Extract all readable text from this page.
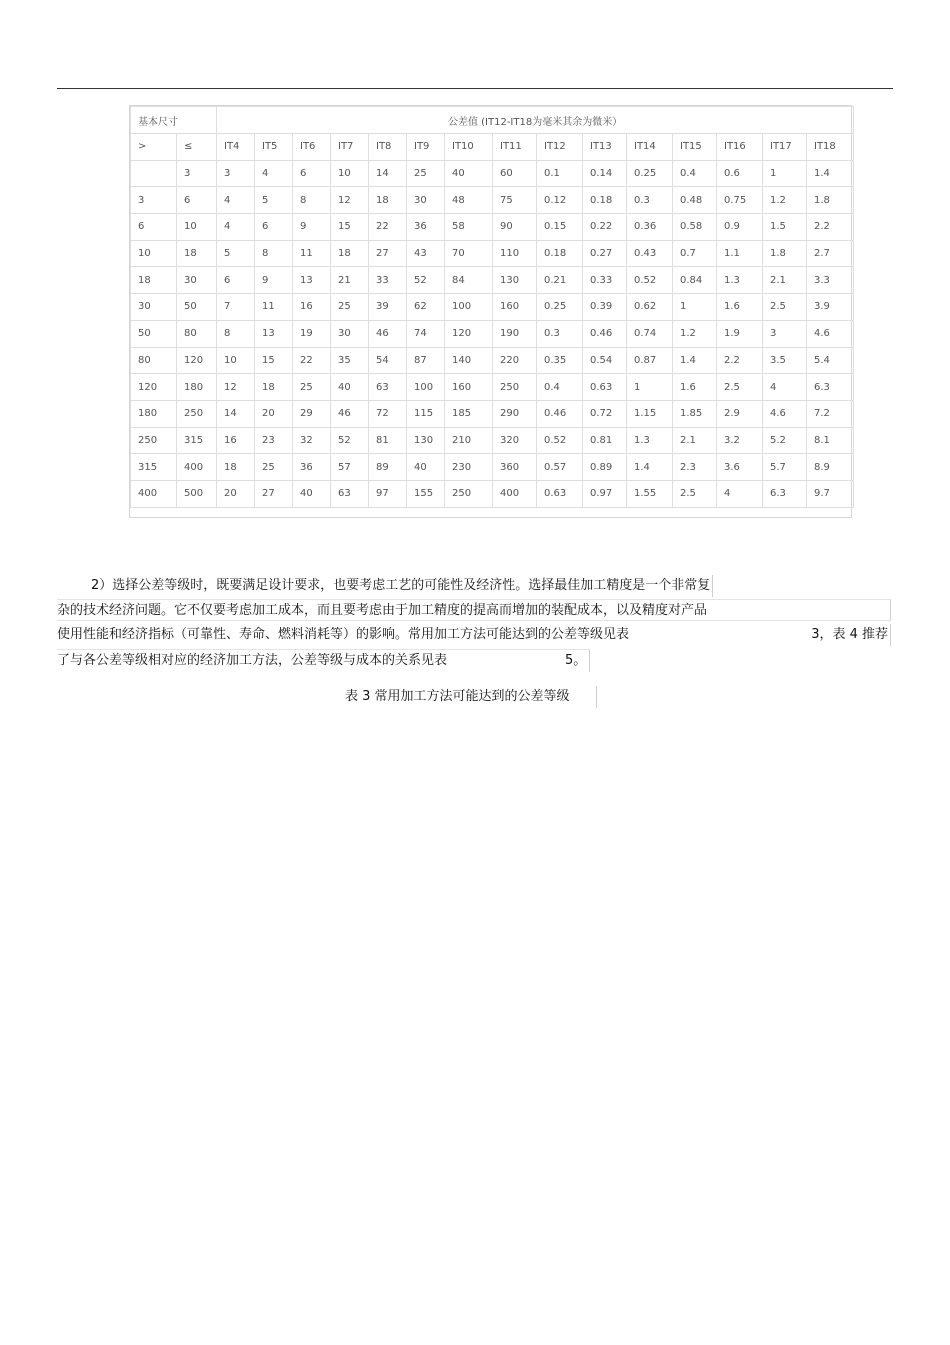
基本尺寸		公差值 (IT12-IT18为毫米其余为微米）														
>	≤	IT4	IT5	IT6	IT7	IT8	IT9	IT10	IT11	IT12	IT13	IT14	IT15	IT16	IT17	IT18
	3	3	4	6	10	14	25	40	60	0.1	0.14	0.25	0.4	0.6	1	1.4
3	6	4	5	8	12	18	30	48	75	0.12	0.18	0.3	0.48	0.75	1.2	1.8
6	10	4	6	9	15	22	36	58	90	0.15	0.22	0.36	0.58	0.9	1.5	2.2
10	18	5	8	11	18	27	43	70	110	0.18	0.27	0.43	0.7	1.1	1.8	2.7
18	30	6	9	13	21	33	52	84	130	0.21	0.33	0.52	0.84	1.3	2.1	3.3
30	50	7	11	16	25	39	62	100	160	0.25	0.39	0.62	1	1.6	2.5	3.9
50	80	8	13	19	30	46	74	120	190	0.3	0.46	0.74	1.2	1.9	3	4.6
80	120	10	15	22	35	54	87	140	220	0.35	0.54	0.87	1.4	2.2	3.5	5.4
120	180	12	18	25	40	63	100	160	250	0.4	0.63	1	1.6	2.5	4	6.3
180	250	14	20	29	46	72	115	185	290	0.46	0.72	1.15	1.85	2.9	4.6	7.2
250	315	16	23	32	52	81	130	210	320	0.52	0.81	1.3	2.1	3.2	5.2	8.1
315	400	18	25	36	57	89	40	230	360	0.57	0.89	1.4	2.3	3.6	5.7	8.9
400	500	20	27	40	63	97	155	250	400	0.63	0.97	1.55	2.5	4	6.3	9.7
2）选择公差等级时，既要满足设计要求，也要考虑工艺的可能性及经济性。选择最佳加工精度是一个非常复
杂的技术经济问题。它不仅要考虑加工成本，而且要考虑由于加工精度的提高而增加的装配成本，以及精度对产品
使用性能和经济指标（可靠性、寿命、燃料消耗等）的影响。常用加工方法可能达到的公差等级见表	3，表 4 推荐
了与各公差等级相对应的经济加工方法，公差等级与成本的关系见表	5。
表 3 常用加工方法可能达到的公差等级
